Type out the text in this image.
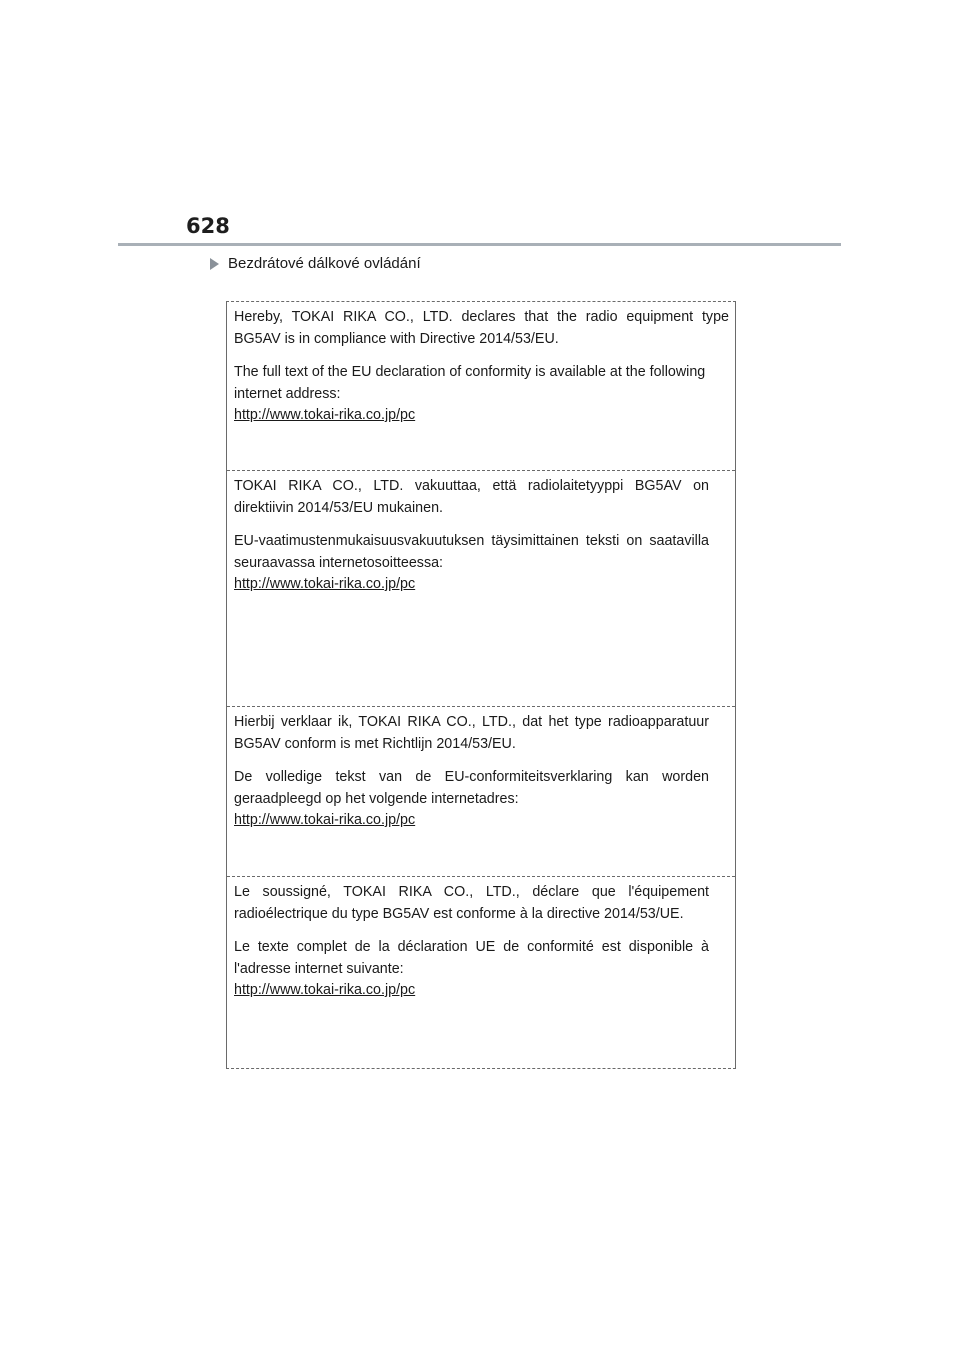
628
Bezdrátové dálkové ovládání

Hereby, TOKAI RIKA CO., LTD. declares that the radio equipment type BG5AV is in compliance with Directive 2014/53/EU.

The full text of the EU declaration of conformity is available at the following internet address:
http://www.tokai-rika.co.jp/pc

TOKAI RIKA CO., LTD. vakuuttaa, että radiolaitetyyppi BG5AV on direktiivin 2014/53/EU mukainen.

EU-vaatimustenmukaisuusvakuutuksen täysimittainen teksti on saatavilla seuraavassa internetosoitteessa:

http://www.tokai-rika.co.jp/pc

Hierbij verklaar ik, TOKAI RIKA CO., LTD., dat het type radioapparatuur BG5AV conform is met Richtlijn 2014/53/EU.

De volledige tekst van de EU-conformiteitsverklaring kan worden geraadpleegd op het volgende internetadres:

http://www.tokai-rika.co.jp/pc

Le soussigné, TOKAI RIKA CO., LTD., déclare que l'équipement radioélectrique du type BG5AV est conforme à la directive 2014/53/UE.

Le texte complet de la déclaration UE de conformité est disponible à l'adresse internet suivante:

http://www.tokai-rika.co.jp/pc
